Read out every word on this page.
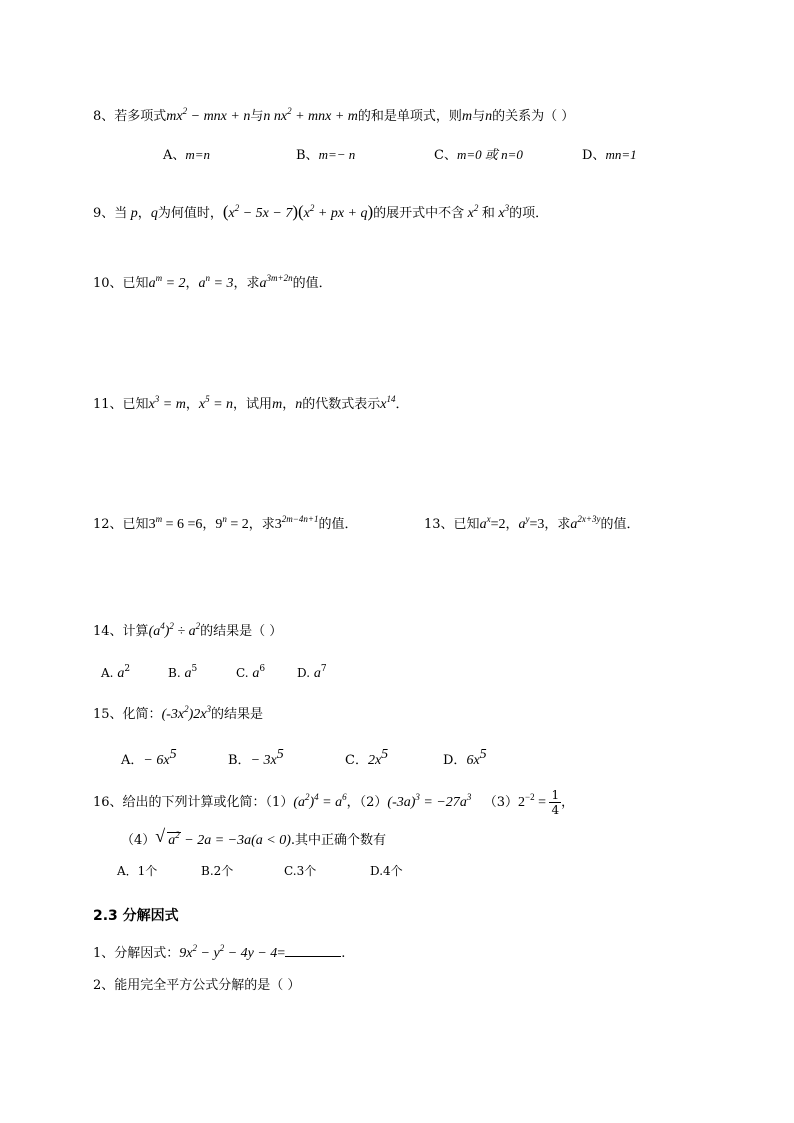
8、若多项式$mx^2$ − mnx + n与n $nx^2$ + mnx + m的和是单项式，则m与n的关系为（ ）
A、m=n	B、m=− n	C、m=0 或 n=0	D、mn=1
9、当 p，q为何值时，$(x^2 - 5x - 7)(x^2$ + px + q)的展开式中不含 $x^2$ 和 $x^3$的项．
10、已知$a^m = 2$，$a^n = 3$，求$a^{3m+2n}$的值．
11、已知$x^3 = m$，$x^5 = n$，试用m，n的代数式表示$x^{14}$．
12、已知$3^m = 6 =6$，$9^n = 2$，求$3^{2m-4n+1}$的值．	13、已知$a^x=2$，$a^y=3$，求$a^{2x+3y}$的值．
14、计算$(a^4)^2 \div a^2$的结果是（ ）
A. $a^2$	B. $a^5$	C. $a^6$	D. $a^7$
15、化简：$(-3x^2)2x^3$的结果是
A．− $6x^5$	B．− $3x^5$	C．$2x^5$	D．$6x^5$
16、给出的下列计算或化简：$(1)(a^2)^4 = a^6$，$(2)(-3a)^3 = -27a^3$ $(3)2^{-2} = \frac{1}{4}$ ，
（4） √ $a^2 - 2a = -3a(a < 0)$.其中正确个数有
A．1个	B.2个	C.3个	D.4个
2.3 分解因式
1、分解因式：$9x^2 - y^2 - 4y - 4=$	.
2、能用完全平方公式分解的是（ ）
